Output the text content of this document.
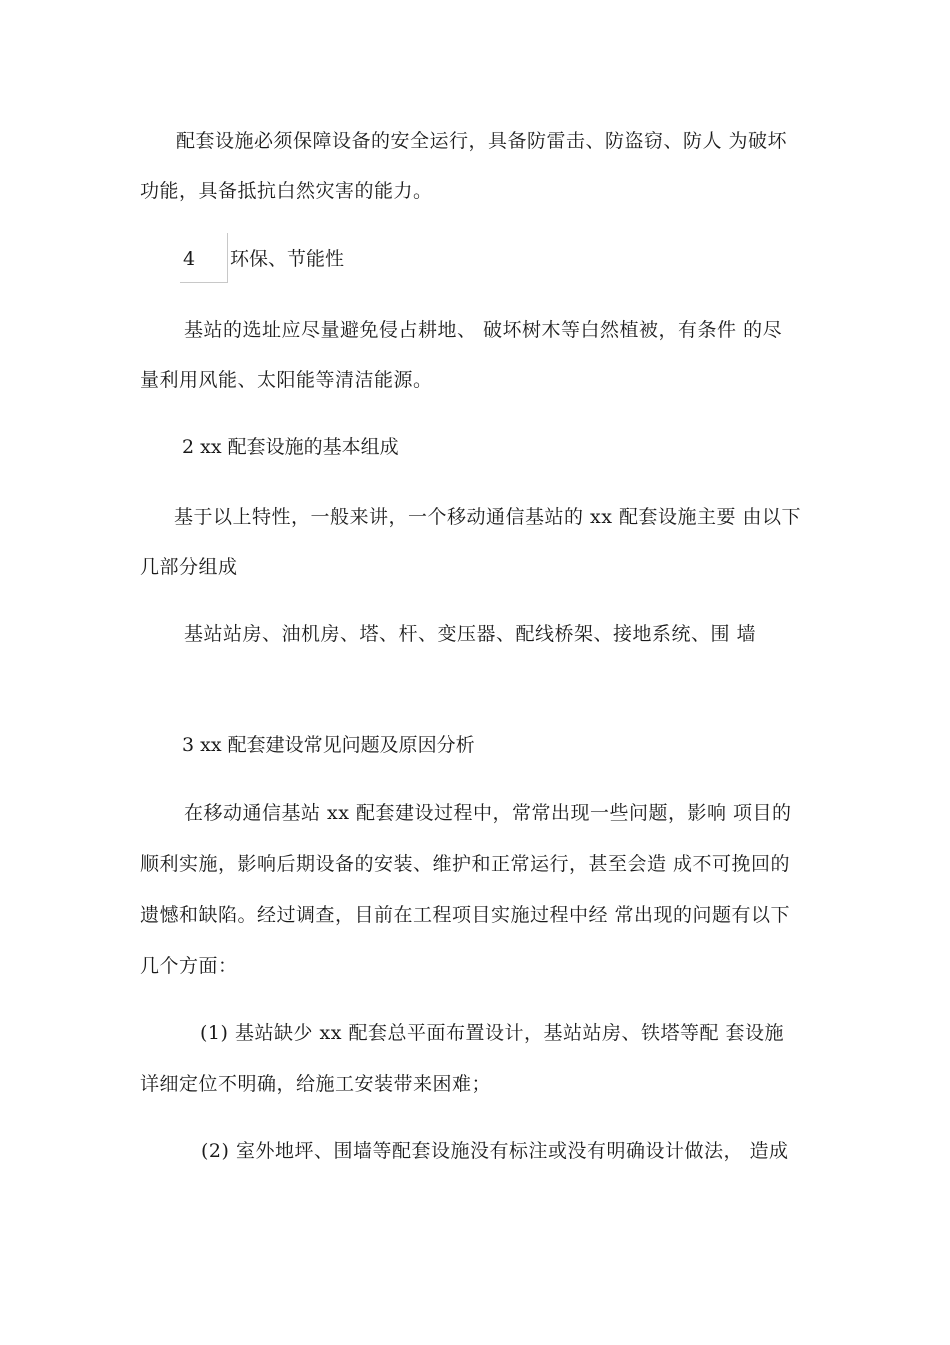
配套设施必须保障设备的安全运行，具备防雷击、防盗窃、防人 为破坏
功能，具备抵抗白然灾害的能力。
4 环保、节能性
基站的选址应尽量避免侵占耕地、 破坏树木等白然植被，有条件 的尽
量利用风能、太阳能等清洁能源。
2 xx 配套设施的基本组成
基于以上特性，一般来讲，一个移动通信基站的 xx 配套设施主要 由以下
几部分组成
基站站房、油机房、塔、杆、变压器、配线桥架、接地系统、围 墙
3 xx 配套建设常见问题及原因分析
在移动通信基站 xx 配套建设过程中，常常出现一些问题，影响 项目的
顺利实施，影响后期设备的安装、维护和正常运行，甚至会造 成不可挽回的
遗憾和缺陷。经过调查，目前在工程项目实施过程中经 常出现的问题有以下
几个方面：
(1) 基站缺少 xx 配套总平面布置设计，基站站房、铁塔等配 套设施
详细定位不明确，给施工安装带来困难；
(2) 室外地坪、围墙等配套设施没有标注或没有明确设计做法， 造成
